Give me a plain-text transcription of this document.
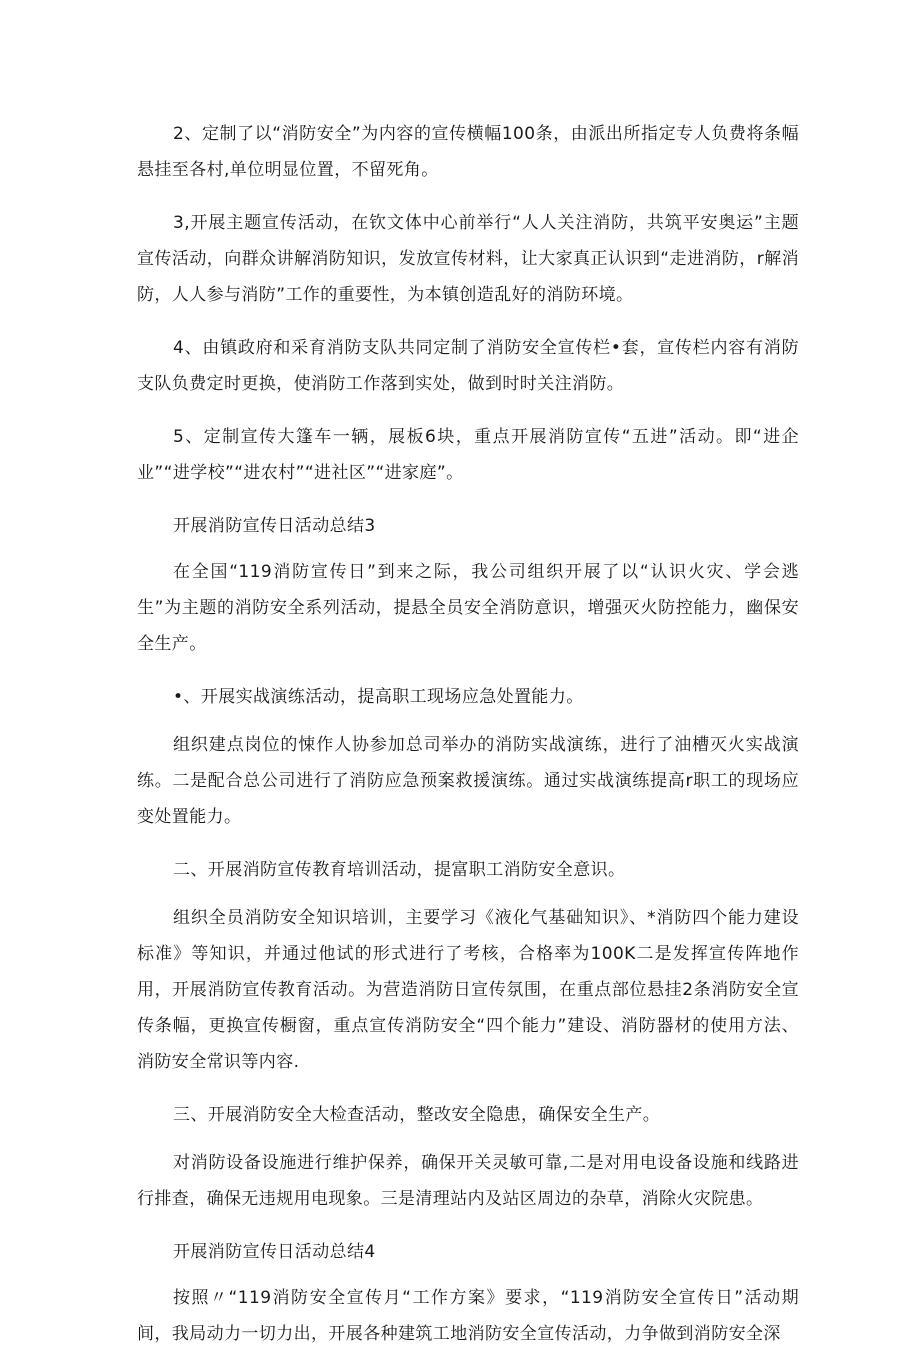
2、定制了以“消防安全”为内容的宣传横幅100条，由派出所指定专人负费将条幅悬挂至各村,单位明显位置，不留死角。

3,开展主题宣传活动，在钦文体中心前举行“人人关注消防，共筑平安奥运”主题宣传活动，向群众讲解消防知识，发放宣传材料，让大家真正认识到“走进消防，r解消防，人人参与消防”工作的重要性，为本镇创造乱好的消防环境。

4、由镇政府和采育消防支队共同定制了消防安全宣传栏•套，宣传栏内容有消防支队负费定时更换，使消防工作落到实处，做到时时关注消防。

5、定制宣传大篷车一辆，展板6块，重点开展消防宣传“五进”活动。即“进企业”“进学校”“进农村”“进社区”“进家庭”。

开展消防宣传日活动总结3

在全国“119消防宣传日”到来之际，我公司组织开展了以“认识火灾、学会逃生”为主题的消防安全系列活动，提悬全员安全消防意识，增强灭火防控能力，幽保安全生产。

•、开展实战演练活动，提高职工现场应急处置能力。

组织建点岗位的悚作人协参加总司举办的消防实战演练，进行了油槽灭火实战演练。二是配合总公司进行了消防应急预案救援演练。通过实战演练提高r职工的现场应变处置能力。

二、开展消防宣传教育培训活动，提富职工消防安全意识。

组织全员消防安全知识培训，主要学习《液化气基础知识》、*消防四个能力建设标准》等知识，并通过他试的形式进行了考核，合格率为100K二是发挥宣传阵地作用，开展消防宣传教育活动。为营造消防日宣传氛围，在重点部位悬挂2条消防安全宣传条幅，更换宣传橱窗，重点宣传消防安全“四个能力”建设、消防器材的使用方法、消防安全常识等内容.

三、开展消防安全大检查活动，整改安全隐患，确保安全生产。

对消防设备设施进行维护保养，确保开关灵敏可靠,二是对用电设备设施和线路进行排查，确保无违规用电现象。三是清理站内及站区周边的杂草，消除火灾院患。

开展消防宣传日活动总结4

按照〃“119消防安全宣传月“工作方案》要求，“119消防安全宣传日”活动期间，我局动力一切力出，开展各种建筑工地消防安全宣传活动，力争做到消防安全深
